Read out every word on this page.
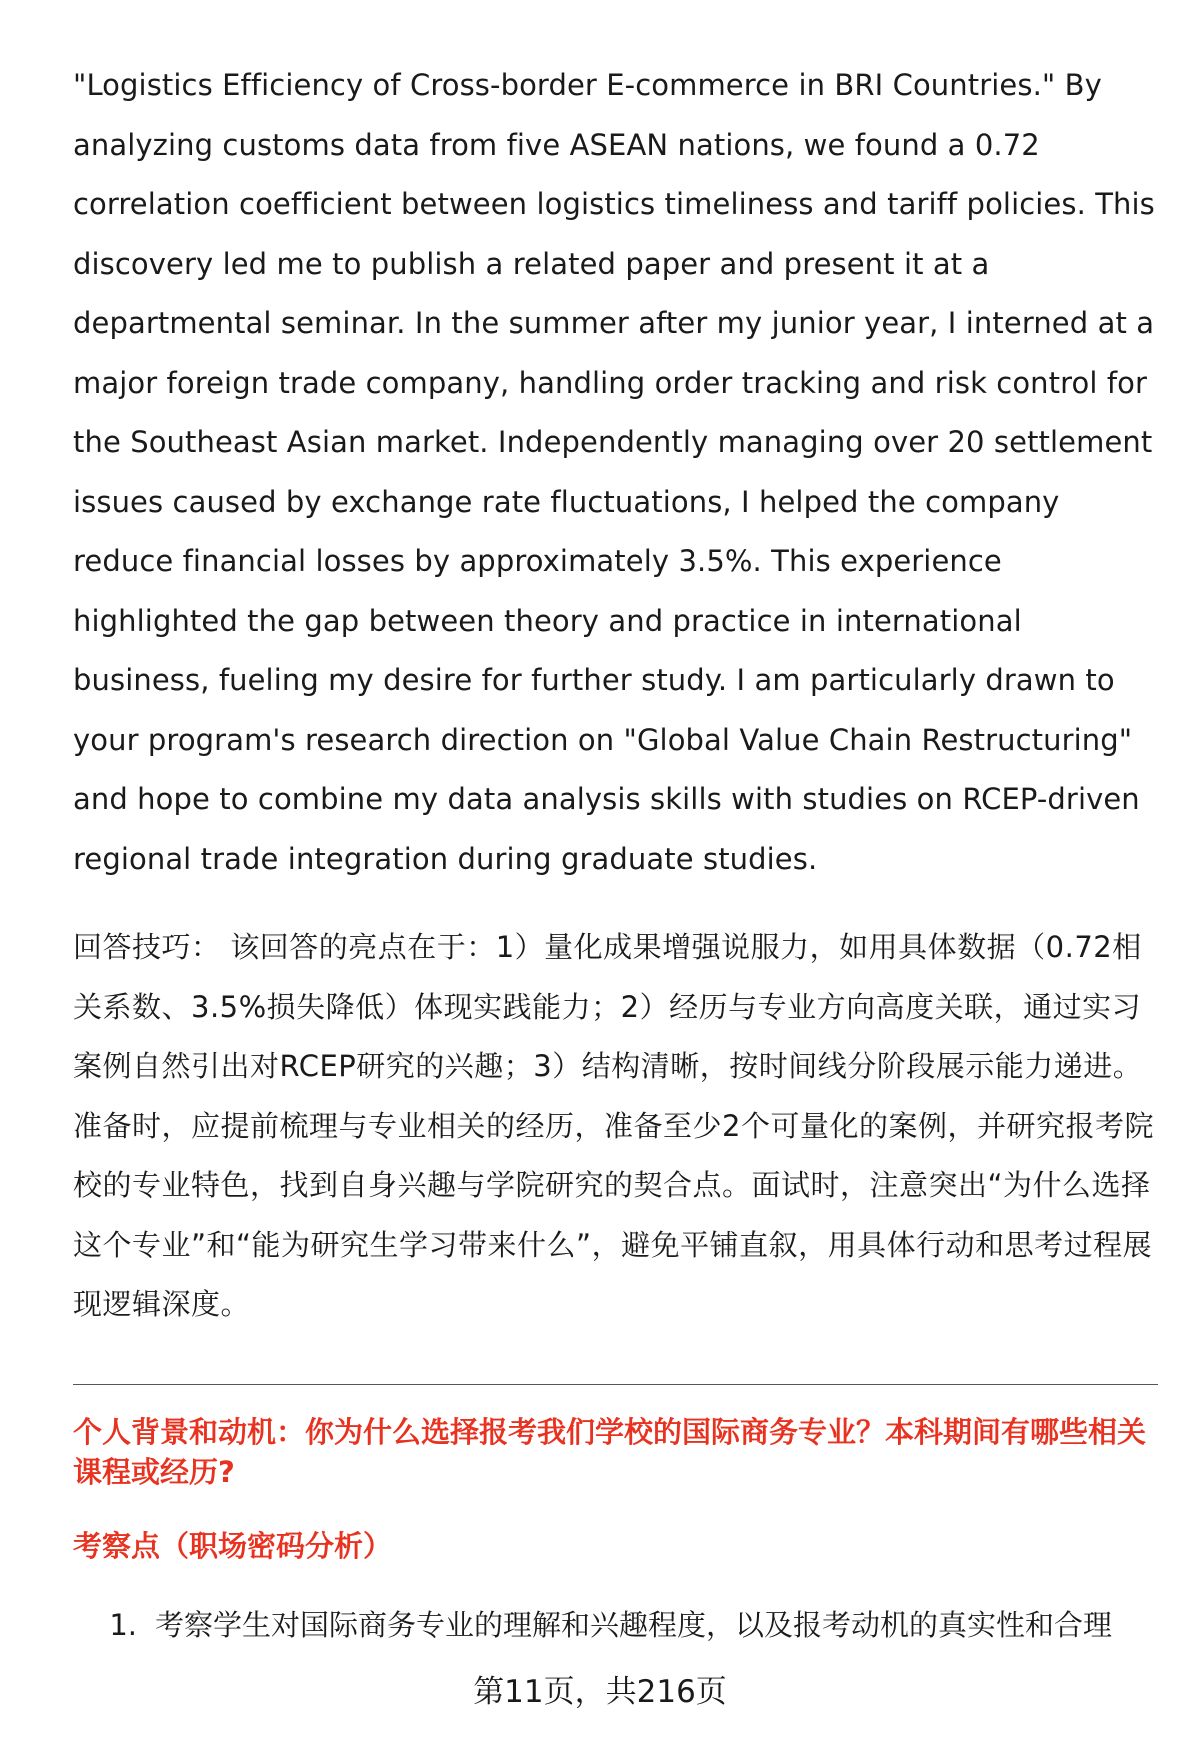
"Logistics Efficiency of Cross-border E-commerce in BRI Countries." By analyzing customs data from five ASEAN nations, we found a 0.72 correlation coefficient between logistics timeliness and tariff policies. This discovery led me to publish a related paper and present it at a departmental seminar. In the summer after my junior year, I interned at a major foreign trade company, handling order tracking and risk control for the Southeast Asian market. Independently managing over 20 settlement issues caused by exchange rate fluctuations, I helped the company reduce financial losses by approximately 3.5%. This experience highlighted the gap between theory and practice in international business, fueling my desire for further study. I am particularly drawn to your program's research direction on "Global Value Chain Restructuring" and hope to combine my data analysis skills with studies on RCEP-driven regional trade integration during graduate studies.

回答技巧： 该回答的亮点在于：1）量化成果增强说服力，如用具体数据（0.72相关系数、3.5%损失降低）体现实践能力；2）经历与专业方向高度关联，通过实习案例自然引出对RCEP研究的兴趣；3）结构清晰，按时间线分阶段展示能力递进。准备时，应提前梳理与专业相关的经历，准备至少2个可量化的案例，并研究报考院校的专业特色，找到自身兴趣与学院研究的契合点。面试时，注意突出“为什么选择这个专业”和“能为研究生学习带来什么”，避免平铺直叙，用具体行动和思考过程展现逻辑深度。

个人背景和动机：你为什么选择报考我们学校的国际商务专业？本科期间有哪些相关课程或经历?
考察点（职场密码分析）
1. 考察学生对国际商务专业的理解和兴趣程度，以及报考动机的真实性和合理
第11页，共216页
